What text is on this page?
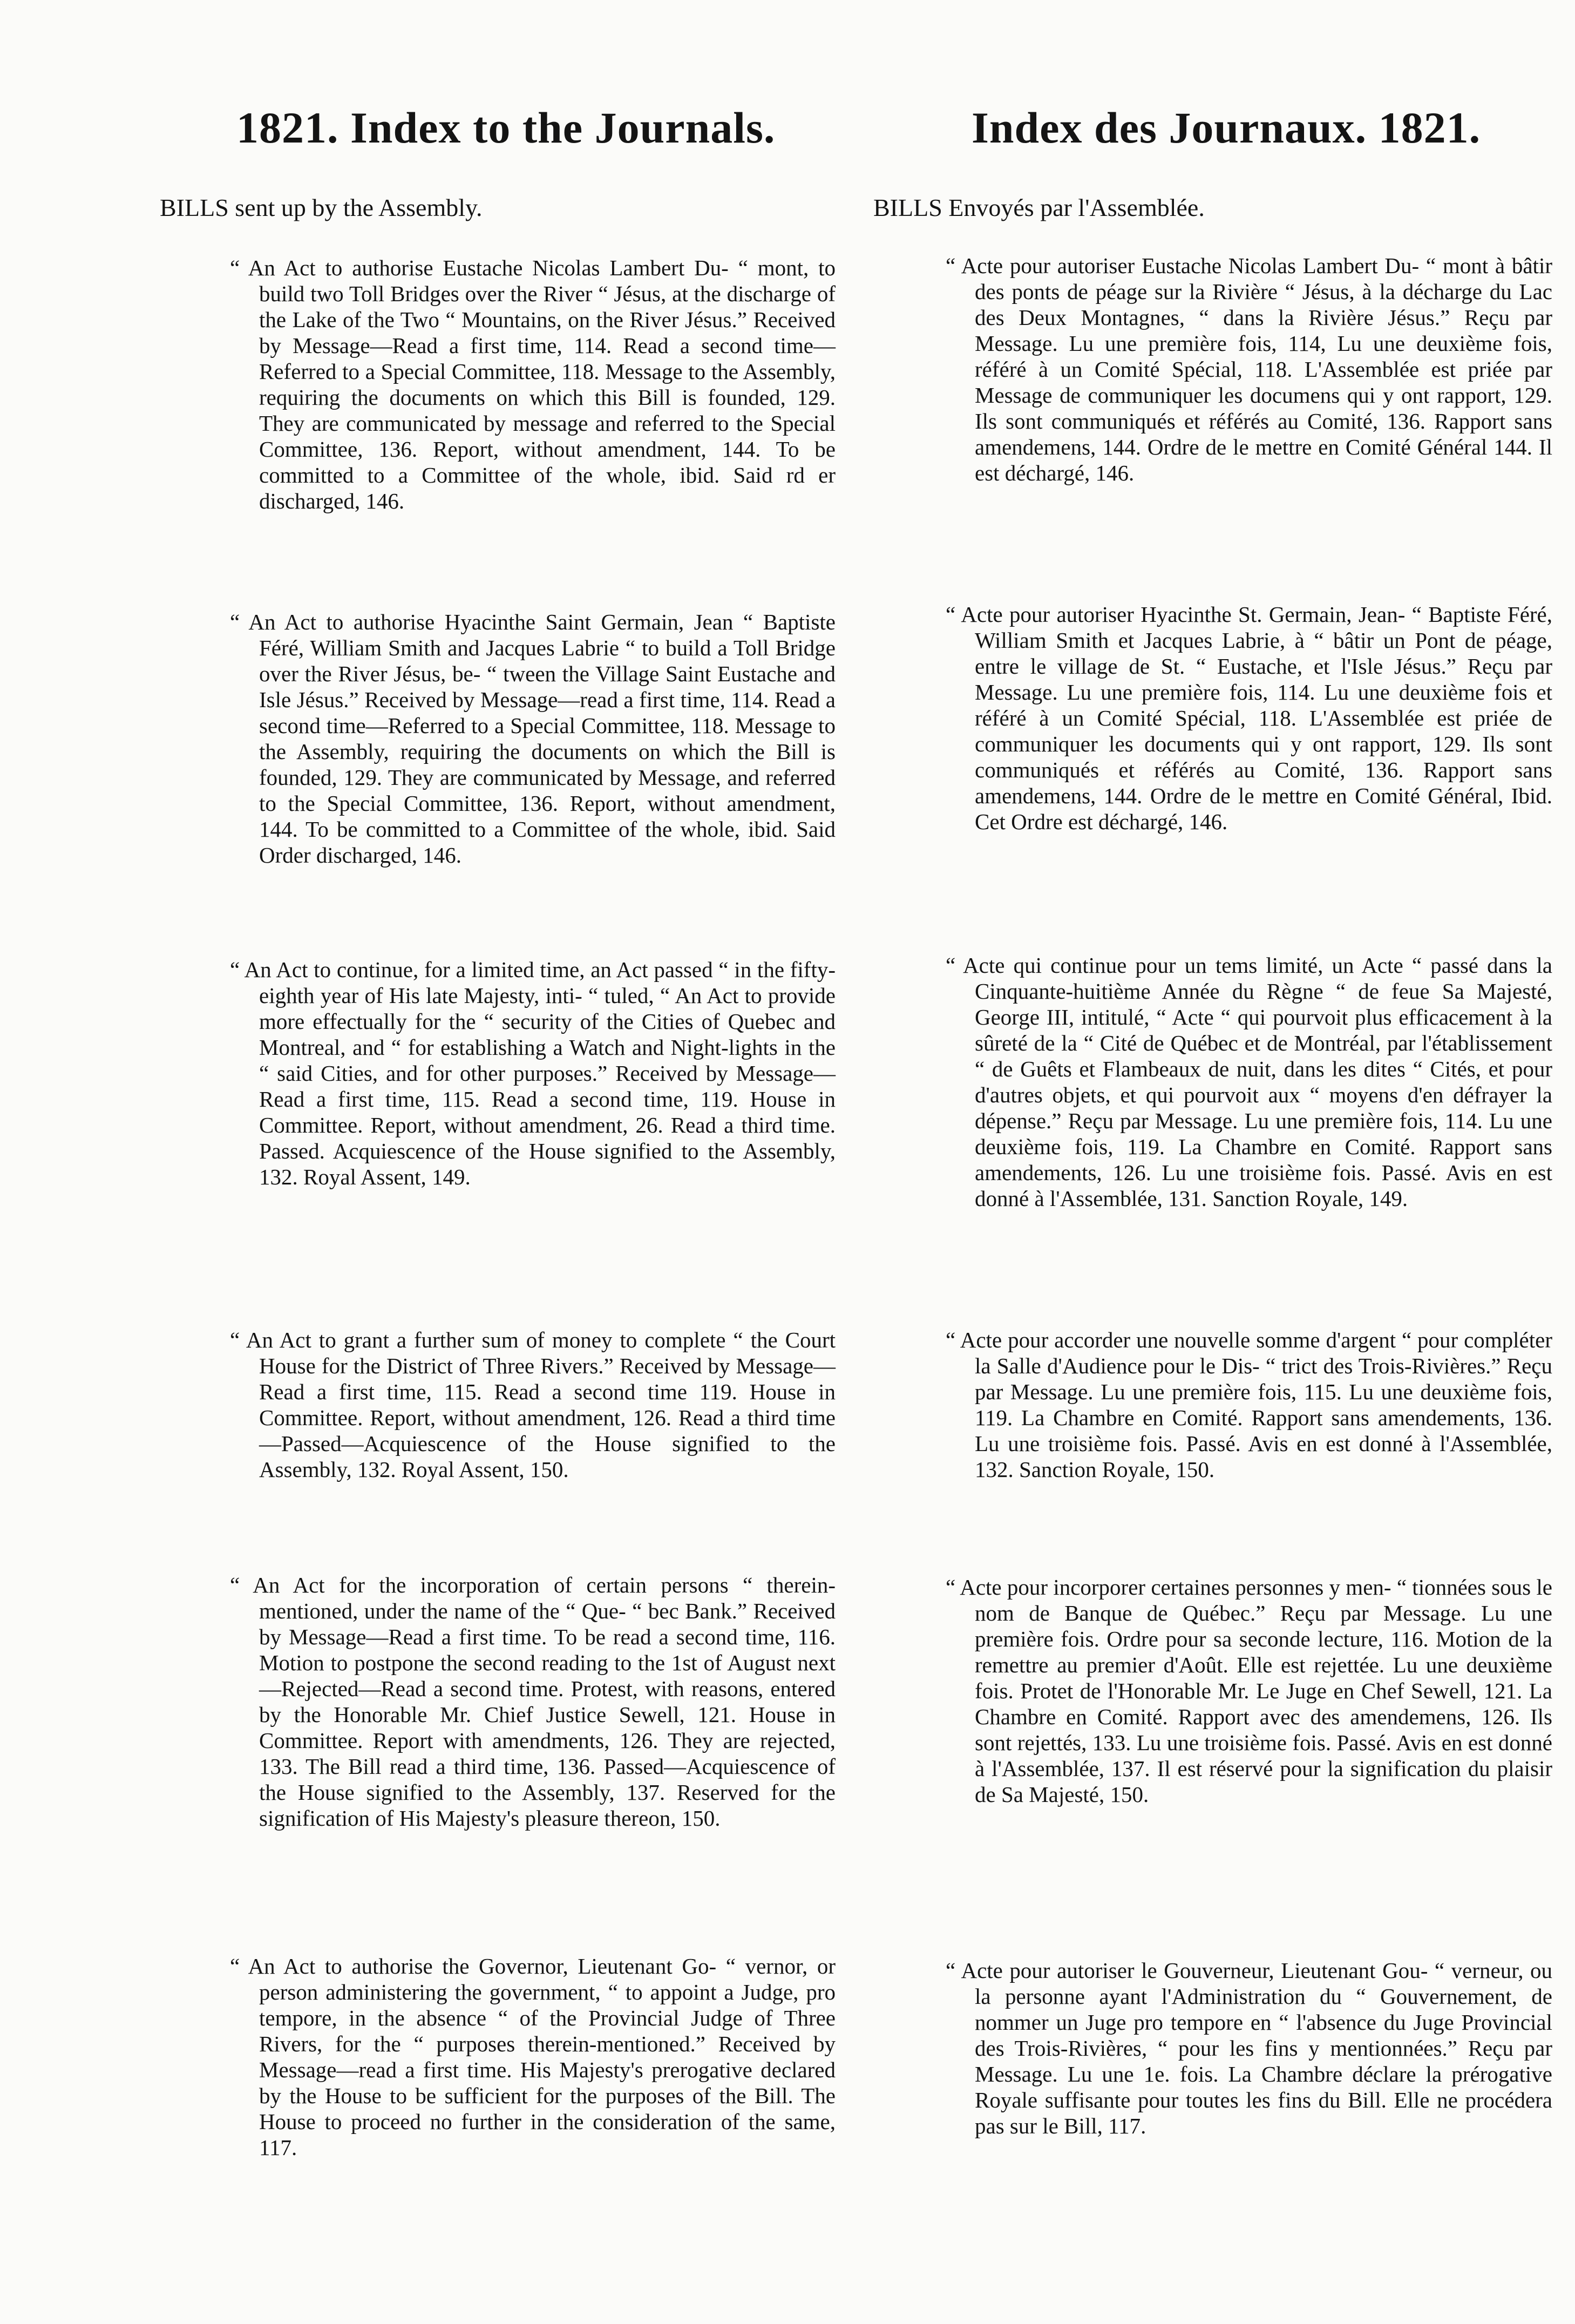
1821. Index to the Journals.	Index des Journaux. 1821.

BILLS sent up by the Assembly.	BILLS Envoyés par l'Assemblée.

“ An Act to authorise Eustache Nicolas Lambert Du- “ mont, to build two Toll Bridges over the River “ Jésus, at the discharge of the Lake of the Two “ Mountains, on the River Jésus.” Received by Message—Read a first time, 114. Read a second time—Referred to a Special Committee, 118. Message to the Assembly, requiring the documents on which this Bill is founded, 129. They are communicated by message and referred to the Special Committee, 136. Report, without amendment, 144. To be committed to a Committee of the whole, ibid. Said rd er discharged, 146.

“ An Act to authorise Hyacinthe Saint Germain, Jean “ Baptiste Féré, William Smith and Jacques Labrie “ to build a Toll Bridge over the River Jésus, be- “ tween the Village Saint Eustache and Isle Jésus.” Received by Message—read a first time, 114. Read a second time—Referred to a Special Committee, 118. Message to the Assembly, requiring the documents on which the Bill is founded, 129. They are communicated by Message, and referred to the Special Committee, 136. Report, without amendment, 144. To be committed to a Committee of the whole, ibid. Said Order discharged, 146.

“ An Act to continue, for a limited time, an Act passed “ in the fifty-eighth year of His late Majesty, inti- “ tuled, “ An Act to provide more effectually for the “ security of the Cities of Quebec and Montreal, and “ for establishing a Watch and Night-lights in the “ said Cities, and for other purposes.” Received by Message—Read a first time, 115. Read a second time, 119. House in Committee. Report, without amendment, 26. Read a third time. Passed. Acquiescence of the House signified to the Assembly, 132. Royal Assent, 149.

“ An Act to grant a further sum of money to complete “ the Court House for the District of Three Rivers.” Received by Message—Read a first time, 115. Read a second time 119. House in Committee. Report, without amendment, 126. Read a third time—Passed—Acquiescence of the House signified to the Assembly, 132. Royal Assent, 150.

“ An Act for the incorporation of certain persons “ therein-mentioned, under the name of the “ Que- “ bec Bank.” Received by Message—Read a first time. To be read a second time, 116. Motion to postpone the second reading to the 1st of August next—Rejected—Read a second time. Protest, with reasons, entered by the Honorable Mr. Chief Justice Sewell, 121. House in Committee. Report with amendments, 126. They are rejected, 133. The Bill read a third time, 136. Passed—Acquiescence of the House signified to the Assembly, 137. Reserved for the signification of His Majesty's pleasure thereon, 150.

“ An Act to authorise the Governor, Lieutenant Go- “ vernor, or person administering the government, “ to appoint a Judge, pro tempore, in the absence “ of the Provincial Judge of Three Rivers, for the “ purposes therein-mentioned.” Received by Message—read a first time. His Majesty's prerogative declared by the House to be sufficient for the purposes of the Bill. The House to proceed no further in the consideration of the same, 117.

“ Acte pour autoriser Eustache Nicolas Lambert Du- “ mont à bâtir des ponts de péage sur la Rivière “ Jésus, à la décharge du Lac des Deux Montagnes, “ dans la Rivière Jésus.” Reçu par Message. Lu une première fois, 114, Lu une deuxième fois, référé à un Comité Spécial, 118. L'Assemblée est priée par Message de communiquer les documens qui y ont rapport, 129. Ils sont communiqués et référés au Comité, 136. Rapport sans amendemens, 144. Ordre de le mettre en Comité Général 144. Il est déchargé, 146.

“ Acte pour autoriser Hyacinthe St. Germain, Jean- “ Baptiste Féré, William Smith et Jacques Labrie, à “ bâtir un Pont de péage, entre le village de St. “ Eustache, et l'Isle Jésus.” Reçu par Message. Lu une première fois, 114. Lu une deuxième fois et référé à un Comité Spécial, 118. L'Assemblée est priée de communiquer les documents qui y ont rapport, 129. Ils sont communiqués et référés au Comité, 136. Rapport sans amendemens, 144. Ordre de le mettre en Comité Général, Ibid. Cet Ordre est déchargé, 146.

“ Acte qui continue pour un tems limité, un Acte “ passé dans la Cinquante-huitième Année du Règne “ de feue Sa Majesté, George III, intitulé, “ Acte “ qui pourvoit plus efficacement à la sûreté de la “ Cité de Québec et de Montréal, par l'établissement “ de Guêts et Flambeaux de nuit, dans les dites “ Cités, et pour d'autres objets, et qui pourvoit aux “ moyens d'en défrayer la dépense.” Reçu par Message. Lu une première fois, 114. Lu une deuxième fois, 119. La Chambre en Comité. Rapport sans amendements, 126. Lu une troisième fois. Passé. Avis en est donné à l'Assemblée, 131. Sanction Royale, 149.

“ Acte pour accorder une nouvelle somme d'argent “ pour compléter la Salle d'Audience pour le Dis- “ trict des Trois-Rivières.” Reçu par Message. Lu une première fois, 115. Lu une deuxième fois, 119. La Chambre en Comité. Rapport sans amendements, 136. Lu une troisième fois. Passé. Avis en est donné à l'Assemblée, 132. Sanction Royale, 150.

“ Acte pour incorporer certaines personnes y men- “ tionnées sous le nom de Banque de Québec.” Reçu par Message. Lu une première fois. Ordre pour sa seconde lecture, 116. Motion de la remettre au premier d'Août. Elle est rejettée. Lu une deuxième fois. Protet de l'Honorable Mr. Le Juge en Chef Sewell, 121. La Chambre en Comité. Rapport avec des amendemens, 126. Ils sont rejettés, 133. Lu une troisième fois. Passé. Avis en est donné à l'Assemblée, 137. Il est réservé pour la signification du plaisir de Sa Majesté, 150.

“ Acte pour autoriser le Gouverneur, Lieutenant Gou- “ verneur, ou la personne ayant l'Administration du “ Gouvernement, de nommer un Juge pro tempore en “ l'absence du Juge Provincial des Trois-Rivières, “ pour les fins y mentionnées.” Reçu par Message. Lu une 1e. fois. La Chambre déclare la prérogative Royale suffisante pour toutes les fins du Bill. Elle ne procédera pas sur le Bill, 117.
